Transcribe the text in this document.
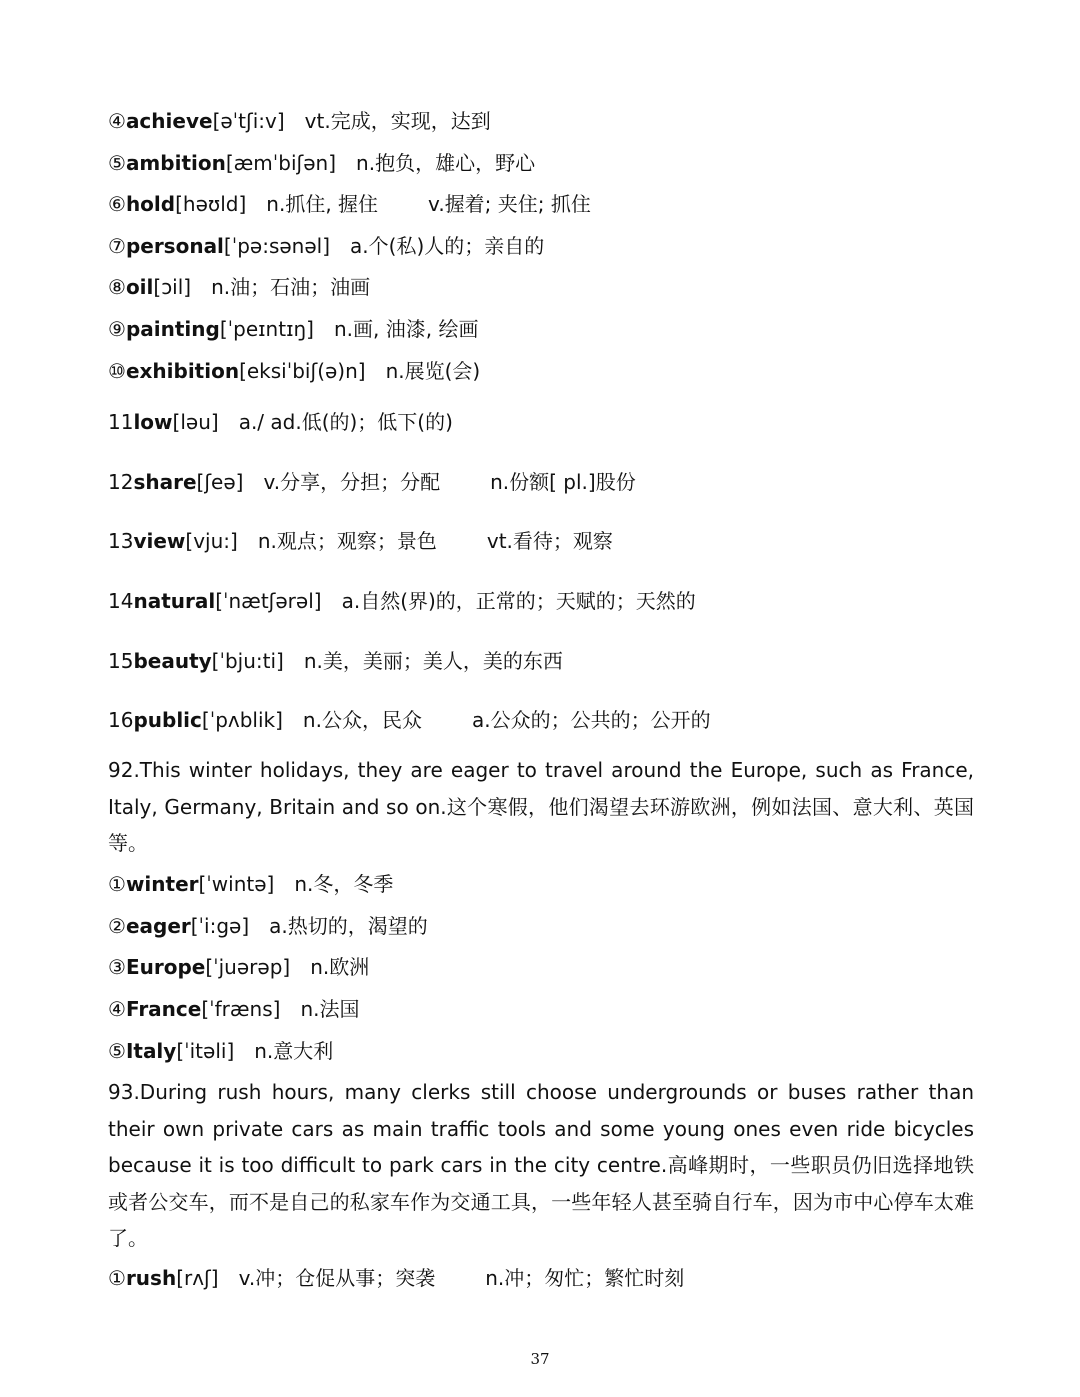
④achieve[əˈtʃi:v] vt.完成，实现，达到
⑤ambition[æmˈbiʃən] n.抱负，雄心，野心
⑥hold[həʊld] n.抓住, 握住	v.握着; 夹住; 抓住
⑦personal[ˈpə:sənəl] a.个(私)人的；亲自的
⑧oil[ɔil] n.油；石油；油画
⑨painting[ˈpeɪntɪŋ] n.画, 油漆, 绘画
⑩exhibition[eksiˈbiʃ(ə)n] n.展览(会)
11low[ləu] a./ ad.低(的)；低下(的)
12share[ʃeə] v.分享，分担；分配	n.份额[ pl.]股份
13view[vju:] n.观点；观察；景色	vt.看待；观察
14natural[ˈnætʃərəl] a.自然(界)的，正常的；天赋的；天然的
15beauty[ˈbju:ti] n.美，美丽；美人，美的东西
16public[ˈpʌblik] n.公众，民众	a.公众的；公共的；公开的
92.This winter holidays, they are eager to travel around the Europe, such as France, Italy, Germany, Britain and so on.这个寒假，他们渴望去环游欧洲，例如法国、意大利、英国等。
①winter[ˈwintə] n.冬，冬季
②eager[ˈi:gə] a.热切的，渴望的
③Europe[ˈjuərəp] n.欧洲
④France[ˈfræns] n.法国
⑤Italy[ˈitəli] n.意大利
93.During rush hours, many clerks still choose undergrounds or buses rather than their own private cars as main traffic tools and some young ones even ride bicycles because it is too difficult to park cars in the city centre.高峰期时，一些职员仍旧选择地铁或者公交车，而不是自己的私家车作为交通工具，一些年轻人甚至骑自行车，因为市中心停车太难了。
①rush[rʌʃ] v.冲；仓促从事；突袭	n.冲；匆忙；繁忙时刻
37
